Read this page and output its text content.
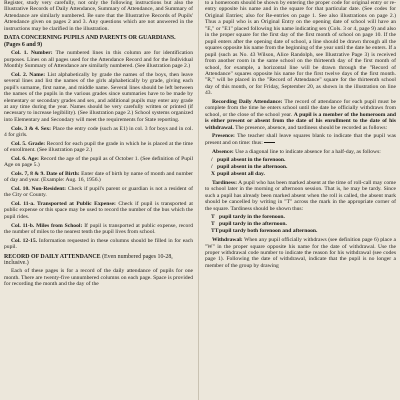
Register, study very carefully, not only the following instructions but also the Illustrative Records of Daily Attendance, Summary of Attendance, and Summary of Attendance are similarly numbered. Be sure that the Illustrative Records of Pupils' Attendance given on pages 2 and 3. Any questions which are not answered in the instructions may be clarified in the illustration.

DATA CONCERNING PUPILS AND PARENTS OR GUARDIANS. (Pages 6 and 9)

Col. 1. Number: The numbered lines in this column are for identification purposes. Lines on all pages used for the Attendance Record and for the Individual Monthly Summary of Attendance are similarly numbered. (See illustration page 2.)

Col. 2. Name: List alphabetically by grade the names of the boys, then leave several lines and list the names of the girls alphabetically by grade, giving each pupil's surname, first name, and middle name. Several lines should be left between the names of the pupils in the various grades since summaries have to be made by elementary or secondary grades and sex, and additional pupils may enter any grade at any time during the year. Names should be very carefully written or printed (if necessary to increase legibility). (See illustration page 2.) School systems organized into Elementary and Secondary will meet the requirements for State reporting.

Cols. 3 & 4. Sex: Place the entry code (such as E1) in col. 3 for boys and in col. 4 for girls.

Col. 5. Grade: Record for each pupil the grade in which he is placed at the time of enrollment. (See illustration page 2.)

Col. 6. Age: Record the age of the pupil as of October 1. (See definition of Pupil Age on page 5.)

Cols. 7, 8 & 9. Date of Birth: Enter date of birth by name of month and number of day and year. (Example: Aug. 16, 1956.)

Col. 10. Non-Resident: Check if pupil's parent or guardian is not a resident of the City or County.

Col. 11-a. Transported at Public Expense: Check if pupil is transported at public expense or this space may be used to record the number of the bus which the pupil rides.

Col. 11-b. Miles from School: If pupil is transported at public expense, record the number of miles to the nearest tenth the pupil lives from school.

Col. 12-15. Information requested in these columns should be filled in for each pupil.

RECORD OF DAILY ATTENDANCE (Even numbered pages 10-28, inclusive.)

Each of these pages is for a record of the daily attendance of pupils for one month. There are twenty-five unnumbered columns on each page. Space is provided for recording the month and the day of the

to a homeroom should be shown by entering the proper code for original entry or re-entry opposite his name and in the square for that particular date. (See codes for Original Entries; also for Re-entries on page 1. See also illustrations on page 2.) Thus a pupil who is an Original Entry on the opening date of school will have an "E," or "E1" placed following his name indicating sex (Cols. 3 or 4, page 9) and also in the proper square for the first day of the first month of school on page 10. If the pupil enters after the opening date of school, a line should be drawn through all the squares opposite his name from the beginning of the year until the date he enters. If a pupil (such as No. 43 Wilson, Alice Randolph, see Illustrative Page 3) is received from another room in the same school on the thirteenth day of the first month of school, for example, a horizontal line will be drawn through the "Record of Attendance" squares opposite his name for the first twelve days of the first month. "R," will be placed in the "Record of Attendance" square for the thirteenth school day of this month, or for Friday, September 20, as shown in the illustration on line 43.

Recording Daily Attendance: The record of attendance for each pupil must be complete from the time he enters school until the date he officially withdraws from school, or the close of the school year. A pupil is a member of the homeroom and is either present or absent from the date of his enrollment to the date of his withdrawal. The presence, absence, and tardiness should be recorded as follows:

Presence: The teacher shall leave squares blank to indicate that the pupil was present and on time: thus:

Absence: Use a diagonal line to indicate absence for a half-day, as follows:

/ pupil absent in the forenoon.
/ pupil absent in the afternoon.
X pupil absent all day.

Tardiness: A pupil who has been marked absent at the time of roll-call may come to school later in the morning or afternoon session. That is, he may be tardy. Since such a pupil has already been marked absent when the roll is called, the absent mark should be cancelled by writing in "T" across the mark in the appropriate corner of the square. Tardiness should be shown thus:

T pupil tardy in the forenoon.
T pupil tardy in the afternoon.
TTpupil tardy both forenoon and afternoon.

Withdrawal: When any pupil officially withdraws (see definition page 6) place a "W" in the proper square opposite his name for the date of withdrawal. Use the proper withdrawal code number to indicate the reason for his withdrawal (see codes page 1). Following the date of withdrawal, indicate that the pupil is no longer a member of the group by drawing
